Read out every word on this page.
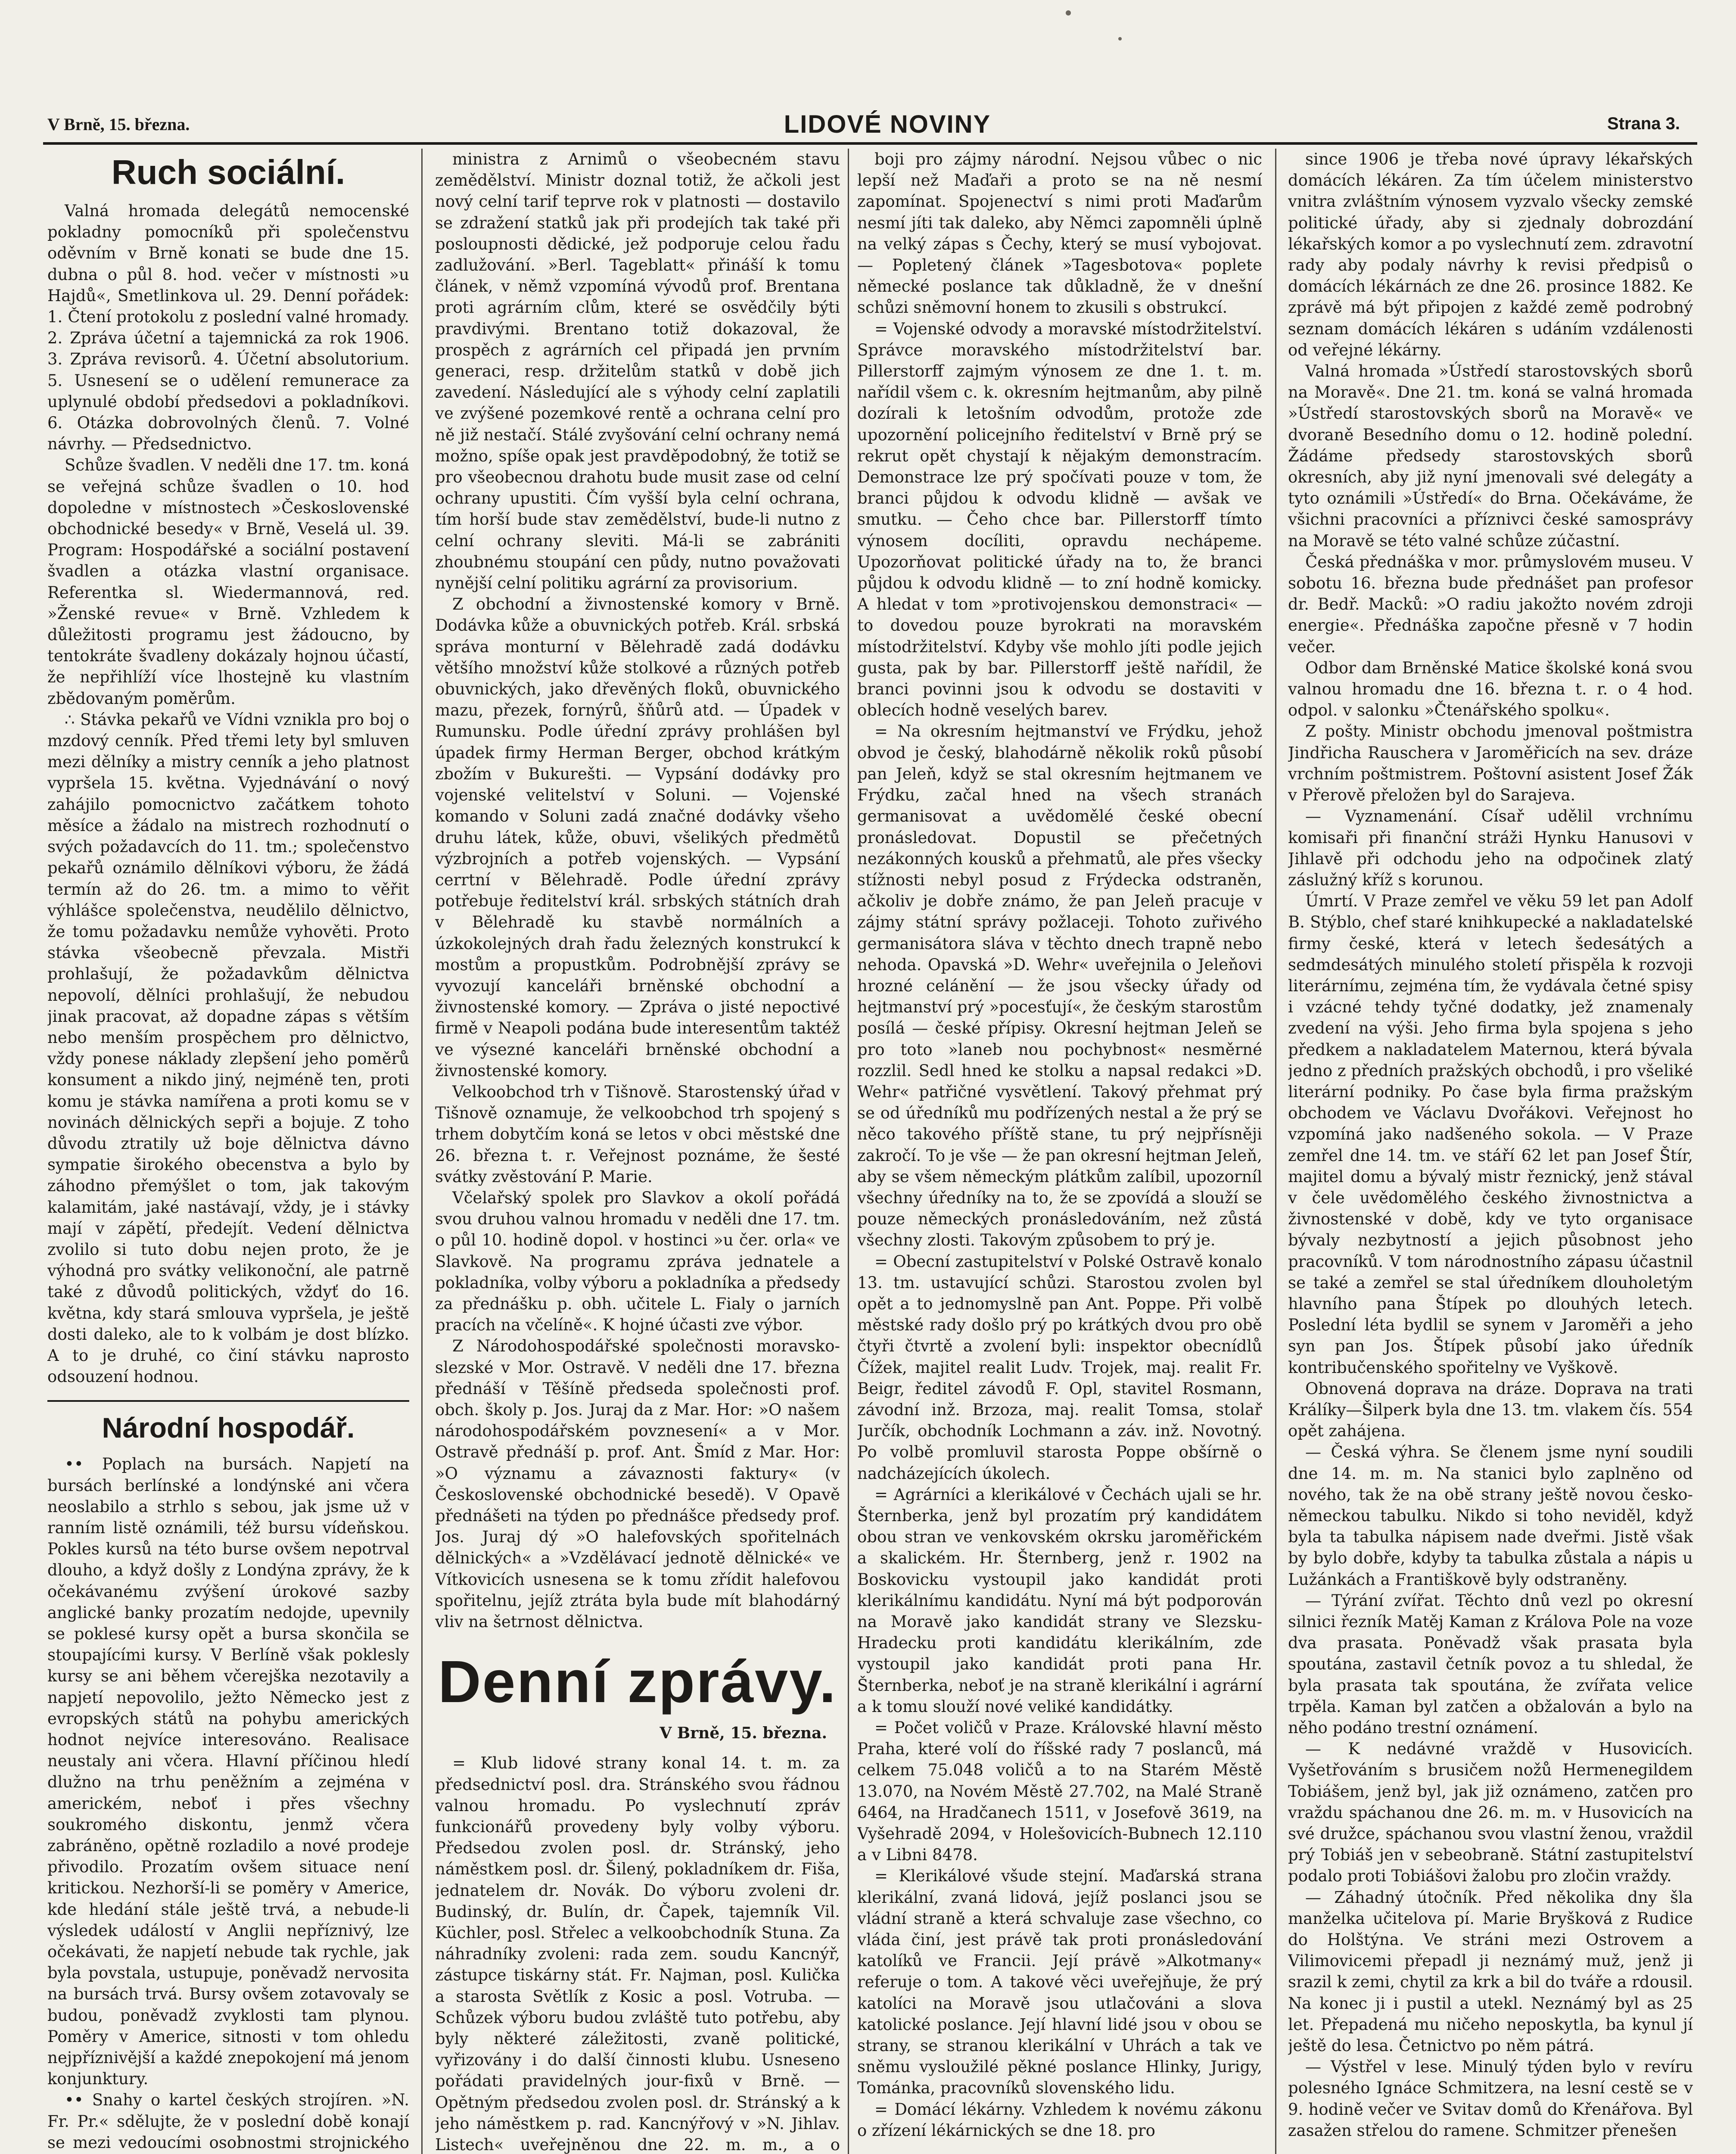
V Brně, 15. března.	LIDOVÉ NOVINY	Strana 3.
Ruch sociální.

Valná hromada delegátů nemocenské pokladny pomocníků při společenstvu oděvním v Brně konati se bude dne 15. dubna o půl 8. hod. večer v místnosti »u Hajdů«, Smetlinkova ul. 29. Denní pořádek: 1. Čtení protokolu z poslední valné hromady. 2. Zpráva účetní a tajemnická za rok 1906. 3. Zpráva revisorů. 4. Účetní absolutorium. 5. Usnesení se o udělení remunerace za uplynulé období předsedovi a pokladníkovi. 6. Otázka dobrovolných členů. 7. Volné návrhy. — Předsednictvo.

Schůze švadlen. V neděli dne 17. tm. koná se veřejná schůze švadlen o 10. hod dopoledne v místnostech »Československé obchodnické besedy« v Brně, Veselá ul. 39. Program: Hospodářské a sociální postavení švadlen a otázka vlastní organisace. Referentka sl. Wiedermannová, red. »Ženské revue« v Brně. Vzhledem k důležitosti programu jest žádoucno, by tentokráte švadleny dokázaly hojnou účastí, že nepřihlíží více lhostejně ku vlastním zbědovaným poměrům.

∴ Stávka pekařů ve Vídni vznikla pro boj o mzdový cenník. Před třemi lety byl smluven mezi dělníky a mistry cenník a jeho platnost vypršela 15. května. Vyjednávání o nový zahájilo pomocnictvo začátkem tohoto měsíce a žádalo na mistrech rozhodnutí o svých požadavcích do 11. tm.; společenstvo pekařů oznámilo dělníkovi výboru, že žádá termín až do 26. tm. a mimo to věřit výhlášce společenstva, neudělilo dělnictvo, že tomu požadavku nemůže vyhověti. Proto stávka všeobecně převzala. Mistři prohlašují, že požadavkům dělnictva nepovolí, dělníci prohlašují, že nebudou jinak pracovat, až dopadne zápas s větším nebo menším prospěchem pro dělnictvo, vždy ponese náklady zlepšení jeho poměrů konsument a nikdo jiný, nejméně ten, proti komu je stávka namířena a proti komu se v novinách dělnických sepři a bojuje. Z toho důvodu ztratily už boje dělnictva dávno sympatie širokého obecenstva a bylo by záhodno přemýšlet o tom, jak takovým kalamitám, jaké nastávají, vždy, je i stávky mají v zápětí, předejít. Vedení dělnictva zvolilo si tuto dobu nejen proto, že je výhodná pro svátky velikonoční, ale patrně také z důvodů politických, vždyť do 16. května, kdy stará smlouva vypršela, je ještě dosti daleko, ale to k volbám je dost blízko. A to je druhé, co činí stávku naprosto odsouzení hodnou.

Národní hospodář.

•• Poplach na bursách. Napjetí na bursách berlínské a londýnské ani včera neoslabilo a strhlo s sebou, jak jsme už v ranním listě oznámili, též bursu vídeňskou. Pokles kursů na této burse ovšem nepotrval dlouho, a když došly z Londýna zprávy, že k očekávanému zvýšení úrokové sazby anglické banky prozatím nedojde, upevnily se poklesé kursy opět a bursa skončila se stoupajícími kursy. V Berlíně však poklesly kursy se ani během včerejška nezotavily a napjetí nepovolilo, ježto Německo jest z evropských států na pohybu amerických hodnot nejvíce interesováno. Realisace neustaly ani včera. Hlavní příčinou hledí dlužno na trhu peněžním a zejména v americkém, neboť i přes všechny soukromého diskontu, jenmž včera zabráněno, opětně rozladilo a nové prodeje přivodilo. Prozatím ovšem situace není kritickou. Nezhorší-li se poměry v Americe, kde hledání stále ještě trvá, a nebude-li výsledek událostí v Anglii nepříznivý, lze očekávati, že napjetí nebude tak rychle, jak byla povstala, ustupuje, poněvadž nervosita na bursách trvá. Bursy ovšem zotavovaly se budou, poněvadž zvyklosti tam plynou. Poměry v Americe, sitnosti v tom ohledu nejpříznivější a každé znepokojení má jenom konjunktury.

•• Snahy o kartel českých strojíren. »N. Fr. Pr.« sdělujte, že v poslední době konají se mezi vedoucími osobnostmi strojnického

ministra z Arnimů o všeobecném stavu zemědělství. Ministr doznal totiž, že ačkoli jest nový celní tarif teprve rok v platnosti — dostavilo se zdražení statků jak při prodejích tak také při posloupnosti dědické, jež podporuje celou řadu zadlužování. »Berl. Tageblatt« přináší k tomu článek, v němž vzpomíná vývodů prof. Brentana proti agrárním clům, které se osvědčily býti pravdivými. Brentano totiž dokazoval, že prospěch z agrárních cel připadá jen prvním generaci, resp. držitelům statků v době jich zavedení. Následující ale s výhody celní zaplatili ve zvýšené pozemkové rentě a ochrana celní pro ně již nestačí. Stálé zvyšování celní ochrany nemá možno, spíše opak jest pravděpodobný, že totiž se pro všeobecnou drahotu bude musit zase od celní ochrany upustiti. Čím vyšší byla celní ochrana, tím horší bude stav zemědělství, bude-li nutno z celní ochrany sleviti. Má-li se zabrániti zhoubnému stoupání cen půdy, nutno považovati nynější celní politiku agrární za provisorium.

Z obchodní a živnostenské komory v Brně. Dodávka kůže a obuvnických potřeb. Král. srbská správa monturní v Bělehradě zadá dodávku většího množství kůže stolkové a různých potřeb obuvnických, jako dřevěných floků, obuvnického mazu, přezek, fornýrů, šňůrů atd. — Úpadek v Rumunsku. Podle úřední zprávy prohlášen byl úpadek firmy Herman Berger, obchod krátkým zbožím v Bukurešti. — Vypsání dodávky pro vojenské velitelství v Soluni. — Vojenské komando v Soluni zadá značné dodávky všeho druhu látek, kůže, obuvi, všelikých předmětů výzbrojních a potřeb vojenských. — Vypsání cerrtní v Bělehradě. Podle úřední zprávy potřebuje ředitelství král. srbských státních drah v Bělehradě ku stavbě normálních a úzkokolejných drah řadu železných konstrukcí k mostům a propustkům. Podrobnější zprávy se vyvozují kanceláři brněnské obchodní a živnostenské komory. — Zpráva o jisté nepoctivé firmě v Neapoli podána bude interesentům taktéž ve výsezné kanceláři brněnské obchodní a živnostenské komory.

Velkoobchod trh v Tišnově. Starostenský úřad v Tišnově oznamuje, že velkoobchod trh spojený s trhem dobytčím koná se letos v obci městské dne 26. března t. r. Veřejnost poznáme, že šesté svátky zvěstování P. Marie.

Včelařský spolek pro Slavkov a okolí pořádá svou druhou valnou hromadu v neděli dne 17. tm. o půl 10. hodině dopol. v hostinci »u čer. orla« ve Slavkově. Na programu zpráva jednatele a pokladníka, volby výboru a pokladníka a předsedy za přednášku p. obh. učitele L. Fialy o jarních pracích na včelíně«. K hojné účasti zve výbor.

Z Národohospodářské společnosti moravsko-slezské v Mor. Ostravě. V neděli dne 17. března přednáší v Těšíně předseda společnosti prof. obch. školy p. Jos. Juraj da z Mar. Hor: »O našem národohospodářském povznesení« a v Mor. Ostravě přednáší p. prof. Ant. Šmíd z Mar. Hor: »O významu a závaznosti faktury« (v Československé obchodnické besedě). V Opavě přednášeti na týden po přednášce předsedy prof. Jos. Juraj dý »O halefovských spořitelnách dělnických« a »Vzdělávací jednotě dělnické« ve Vítkovicích usnesena se k tomu zřídit halefovou spořitelnu, jejíž ztráta byla bude mít blahodárný vliv na šetrnost dělnictva.

Denní zprávy.
V Brně, 15. března.

= Klub lidové strany konal 14. t. m. za předsednictví posl. dra. Stránského svou řádnou valnou hromadu. Po vyslechnutí zpráv funkcionářů provedeny byly volby výboru. Předsedou zvolen posl. dr. Stránský, jeho náměstkem posl. dr. Šilený, pokladníkem dr. Fiša, jednatelem dr. Novák. Do výboru zvoleni dr. Budinský, dr. Bulín, dr. Čapek, tajemník Vil. Küchler, posl. Střelec a velkoobchodník Stuna. Za náhradníky zvoleni: rada zem. soudu Kancnýř, zástupce tiskárny stát. Fr. Najman, posl. Kulička a starosta Světlík z Kosic a posl. Votruba. — Schůzek výboru budou zvláště tuto potřebu, aby byly některé záležitosti, zvaně politické, vyřizovány i do další činnosti klubu. Usneseno pořádati pravidelných jour-fixů v Brně. — Opětným předsedou zvolen posl. dr. Stránský a k jeho náměstkem p. rad. Kancnýřový v »N. Jihlav. Listech« uveřejněnou dne 22. m. m., a o

boji pro zájmy národní. Nejsou vůbec o nic lepší než Maďaři a proto se na ně nesmí zapomínat. Spojenectví s nimi proti Maďarům nesmí jíti tak daleko, aby Němci zapomněli úplně na velký zápas s Čechy, který se musí vybojovat. — Popletený článek »Tagesbotova« poplete německé poslance tak důkladně, že v dnešní schůzi sněmovní honem to zkusili s obstrukcí.

= Vojenské odvody a moravské místodržitelství. Správce moravského místodržitelství bar. Pillerstorff zajmým výnosem ze dne 1. t. m. nařídil všem c. k. okresním hejtmanům, aby pilně dozírali k letošním odvodům, protože zde upozornění policejního ředitelství v Brně prý se rekrut opět chystají k nějakým demonstracím. Demonstrace lze prý spočívati pouze v tom, že branci půjdou k odvodu klidně — avšak ve smutku. — Čeho chce bar. Pillerstorff tímto výnosem docíliti, opravdu nechápeme. Upozorňovat politické úřady na to, že branci půjdou k odvodu klidně — to zní hodně komicky. A hledat v tom »protivojenskou demonstraci« — to dovedou pouze byrokrati na moravském místodržitelství. Kdyby vše mohlo jíti podle jejich gusta, pak by bar. Pillerstorff ještě nařídil, že branci povinni jsou k odvodu se dostaviti v oblecích hodně veselých barev.

= Na okresním hejtmanství ve Frýdku, jehož obvod je český, blahodárně několik roků působí pan Jeleň, když se stal okresním hejtmanem ve Frýdku, začal hned na všech stranách germanisovat a uvědomělé české obecní pronásledovat. Dopustil se přečetných nezákonných kousků a přehmatů, ale přes všecky stížnosti nebyl posud z Frýdecka odstraněn, ačkoliv je dobře známo, že pan Jeleň pracuje v zájmy státní správy požlaceji. Tohoto zuřivého germanisátora sláva v těchto dnech trapně nebo nehoda. Opavská »D. Wehr« uveřejnila o Jeleňovi hrozné celánění — že jsou všecky úřady od hejtmanství prý »pocesťují«, že českým starostům posílá — české přípisy. Okresní hejtman Jeleň se pro toto »laneb nou pochybnost« nesměrné rozzlil. Sedl hned ke stolku a napsal redakci »D. Wehr« patřičné vysvětlení. Takový přehmat prý se od úředníků mu podřízených nestal a že prý se něco takového příště stane, tu prý nejpřísněji zakročí. To je vše — že pan okresní hejtman Jeleň, aby se všem německým plátkům zalíbil, upozorníl všechny úředníky na to, že se zpovídá a slouží se pouze německých pronásledováním, než zůstá všechny zlosti. Takovým způsobem to prý je.

= Obecní zastupitelství v Polské Ostravě konalo 13. tm. ustavující schůzi. Starostou zvolen byl opět a to jednomyslně pan Ant. Poppe. Při volbě městské rady došlo prý po krátkých dvou pro obě čtyři čtvrtě a zvolení byli: inspektor obecnídlů Čížek, majitel realit Ludv. Trojek, maj. realit Fr. Beigr, ředitel závodů F. Opl, stavitel Rosmann, závodní inž. Brzoza, maj. realit Tomsa, stolař Jurčík, obchodník Lochmann a záv. inž. Novotný. Po volbě promluvil starosta Poppe obšírně o nadcházejících úkolech.

= Agrárníci a klerikálové v Čechách ujali se hr. Šternberka, jenž byl prozatím prý kandidátem obou stran ve venkovském okrsku jaroměřickém a skalickém. Hr. Šternberg, jenž r. 1902 na Boskovicku vystoupil jako kandidát proti klerikálnímu kandidátu. Nyní má být podporován na Moravě jako kandidát strany ve Slezsku-Hradecku proti kandidátu klerikálním, zde vystoupil jako kandidát proti pana Hr. Šternberka, neboť je na straně klerikální i agrární a k tomu slouží nové veliké kandidátky.

= Počet voličů v Praze. Královské hlavní město Praha, které volí do říšské rady 7 poslanců, má celkem 75.048 voličů a to na Starém Městě 13.070, na Novém Městě 27.702, na Malé Straně 6464, na Hradčanech 1511, v Josefově 3619, na Vyšehradě 2094, v Holešovicích-Bubnech 12.110 a v Libni 8478.

= Klerikálové všude stejní. Maďarská strana klerikální, zvaná lidová, jejíž poslanci jsou se vládní straně a která schvaluje zase všechno, co vláda činí, jest právě tak proti pronásledování katolíků ve Francii. Její právě »Alkotmany« referuje o tom. A takové věci uveřejňuje, že prý katolíci na Moravě jsou utlačováni a slova katolické poslance. Její hlavní lidé jsou v obou se strany, se stranou klerikální v Uhrách a tak ve sněmu vysloužilé pěkné poslance Hlinky, Jurigy, Tománka, pracovníků slovenského lidu.

= Domácí lékárny. Vzhledem k novému zákonu o zřízení lékárnických se dne 18. pro

since 1906 je třeba nové úpravy lékařských domácích lékáren. Za tím účelem ministerstvo vnitra zvláštním výnosem vyzvalo všecky zemské politické úřady, aby si zjednaly dobrozdání lékařských komor a po vyslechnutí zem. zdravotní rady aby podaly návrhy k revisi předpisů o domácích lékárnách ze dne 26. prosince 1882. Ke zprávě má být připojen z každé země podrobný seznam domácích lékáren s udáním vzdálenosti od veřejné lékárny.

Valná hromada »Ústředí starostovských sborů na Moravě«. Dne 21. tm. koná se valná hromada »Ústředí starostovských sborů na Moravě« ve dvoraně Besedního domu o 12. hodině polední. Žádáme předsedy starostovských sborů okresních, aby již nyní jmenovali své delegáty a tyto oznámili »Ústředí« do Brna. Očekáváme, že všichni pracovníci a příznivci české samosprávy na Moravě se této valné schůze zúčastní.

Česká přednáška v mor. průmyslovém museu. V sobotu 16. března bude přednášet pan profesor dr. Bedř. Macků: »O radiu jakožto novém zdroji energie«. Přednáška započne přesně v 7 hodin večer.

Odbor dam Brněnské Matice školské koná svou valnou hromadu dne 16. března t. r. o 4 hod. odpol. v salonku »Čtenářského spolku«.

Z pošty. Ministr obchodu jmenoval poštmistra Jindřicha Rauschera v Jaroměřicích na sev. dráze vrchním poštmistrem. Poštovní asistent Josef Žák v Přerově přeložen byl do Sarajeva.

— Vyznamenání. Císař udělil vrchnímu komisaři při finanční stráži Hynku Hanusovi v Jihlavě při odchodu jeho na odpočinek zlatý záslužný kříž s korunou.

Úmrtí. V Praze zemřel ve věku 59 let pan Adolf B. Stýblo, chef staré knihkupecké a nakladatelské firmy české, která v letech šedesátých a sedmdesátých minulého století přispěla k rozvoji literárnímu, zejména tím, že vydávala četné spisy i vzácné tehdy tyčné dodatky, jež znamenaly zvedení na výši. Jeho firma byla spojena s jeho předkem a nakladatelem Maternou, která bývala jedno z předních pražských obchodů, i pro všeliké literární podniky. Po čase byla firma pražským obchodem ve Václavu Dvořákovi. Veřejnost ho vzpomíná jako nadšeného sokola. — V Praze zemřel dne 14. tm. ve stáří 62 let pan Josef Štír, majitel domu a bývalý mistr řeznický, jenž stával v čele uvědomělého českého živnostnictva a živnostenské v době, kdy ve tyto organisace bývaly nezbytností a jejich působnost jeho pracovníků. V tom národnostního zápasu účastnil se také a zemřel se stal úředníkem dlouholetým hlavního pana Štípek po dlouhých letech. Poslední léta bydlil se synem v Jaroměři a jeho syn pan Jos. Štípek působí jako úředník kontribučenského spořitelny ve Vyškově.

Obnovená doprava na dráze. Doprava na trati Králíky—Šilperk byla dne 13. tm. vlakem čís. 554 opět zahájena.

— Česká výhra. Se členem jsme nyní soudili dne 14. m. m. Na stanici bylo zaplněno od nového, tak že na obě strany ještě novou česko-německou tabulku. Nikdo si toho neviděl, když byla ta tabulka nápisem nade dveřmi. Jistě však by bylo dobře, kdyby ta tabulka zůstala a nápis u Lužánkách a Františkově byly odstraněny.

— Týrání zvířat. Těchto dnů vezl po okresní silnici řezník Matěj Kaman z Králova Pole na voze dva prasata. Poněvadž však prasata byla spoutána, zastavil četník povoz a tu shledal, že byla prasata tak spoutána, že zvířata velice trpěla. Kaman byl zatčen a obžalován a bylo na něho podáno trestní oznámení.

— K nedávné vraždě v Husovicích. Vyšetřováním s brusičem nožů Hermenegildem Tobiášem, jenž byl, jak již oznámeno, zatčen pro vraždu spáchanou dne 26. m. m. v Husovicích na své družce, spáchanou svou vlastní ženou, vraždil prý Tobiáš jen v sebeobraně. Státní zastupitelství podalo proti Tobiášovi žalobu pro zločin vraždy.

— Záhadný útočník. Před několika dny šla manželka učitelova pí. Marie Bryšková z Rudice do Holštýna. Ve stráni mezi Ostrovem a Vilimovicemi přepadl ji neznámý muž, jenž ji srazil k zemi, chytil za krk a bil do tváře a rdousil. Na konec ji i pustil a utekl. Neznámý byl as 25 let. Přepadená mu ničeho neposkytla, ba kynul jí ještě do lesa. Četnictvo po něm pátrá.

— Výstřel v lese. Minulý týden bylo v revíru polesného Ignáce Schmitzera, na lesní cestě se v 9. hodině večer ve Svitav domů do Křenářova. Byl zasažen střelou do ramene. Schmitzer přenešen
